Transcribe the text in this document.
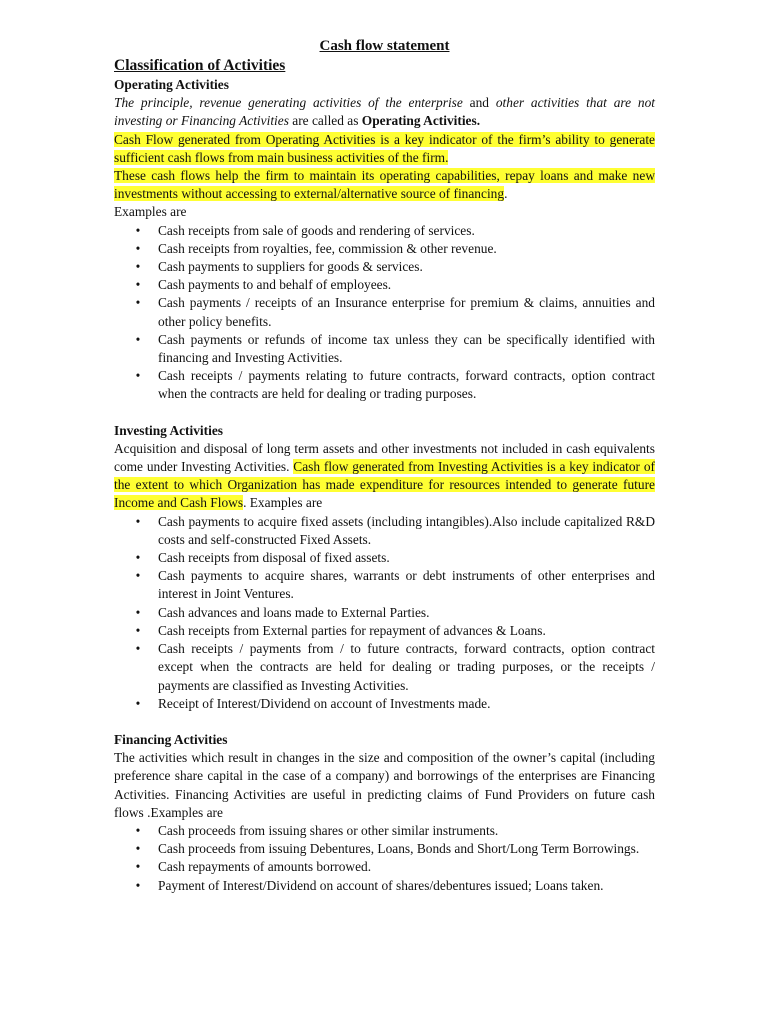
Cash flow statement
Classification of Activities
Operating Activities

The principle, revenue generating activities of the enterprise and other activities that are not investing or Financing Activities are called as Operating Activities.

Cash Flow generated from Operating Activities is a key indicator of the firm’s ability to generate sufficient cash flows from main business activities of the firm.

These cash flows help the firm to maintain its operating capabilities, repay loans and make new investments without accessing to external/alternative source of financing.

Examples are

• Cash receipts from sale of goods and rendering of services.
• Cash receipts from royalties, fee, commission & other revenue.
• Cash payments to suppliers for goods & services.
• Cash payments to and behalf of employees.
• Cash payments / receipts of an Insurance enterprise for premium & claims, annuities and other policy benefits.
• Cash payments or refunds of income tax unless they can be specifically identified with financing and Investing Activities.
• Cash receipts / payments relating to future contracts, forward contracts, option contract when the contracts are held for dealing or trading purposes.
Investing Activities

Acquisition and disposal of long term assets and other investments not included in cash equivalents come under Investing Activities. Cash flow generated from Investing Activities is a key indicator of the extent to which Organization has made expenditure for resources intended to generate future Income and Cash Flows. Examples are

• Cash payments to acquire fixed assets (including intangibles).Also include capitalized R&D costs and self-constructed Fixed Assets.
• Cash receipts from disposal of fixed assets.
• Cash payments to acquire shares, warrants or debt instruments of other enterprises and interest in Joint Ventures.
• Cash advances and loans made to External Parties.
• Cash receipts from External parties for repayment of advances & Loans.
• Cash receipts / payments from / to future contracts, forward contracts, option contract except when the contracts are held for dealing or trading purposes, or the receipts / payments are classified as Investing Activities.
• Receipt of Interest/Dividend on account of Investments made.
Financing Activities

The activities which result in changes in the size and composition of the owner’s capital (including preference share capital in the case of a company) and borrowings of the enterprises are Financing Activities. Financing Activities are useful in predicting claims of Fund Providers on future cash flows .Examples are

• Cash proceeds from issuing shares or other similar instruments.
• Cash proceeds from issuing Debentures, Loans, Bonds and Short/Long Term Borrowings.
• Cash repayments of amounts borrowed.
• Payment of Interest/Dividend on account of shares/debentures issued; Loans taken.
